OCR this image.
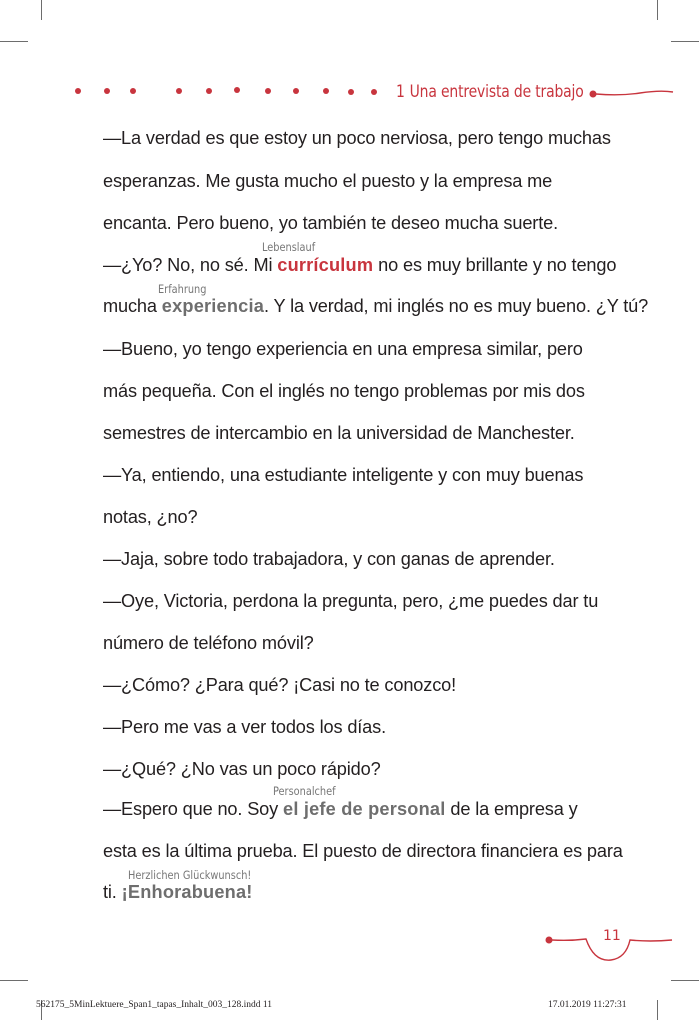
1 Una entrevista de trabajo
—La verdad es que estoy un poco nerviosa, pero tengo muchas
esperanzas. Me gusta mucho el puesto y la empresa me
encanta. Pero bueno, yo también te deseo mucha suerte.
Lebenslauf
—¿Yo? No, no sé. Mi currículum no es muy brillante y no tengo
Erfahrung
mucha experiencia. Y la verdad, mi inglés no es muy bueno. ¿Y tú?
—Bueno, yo tengo experiencia en una empresa similar, pero
más pequeña. Con el inglés no tengo problemas por mis dos
semestres de intercambio en la universidad de Manchester.
—Ya, entiendo, una estudiante inteligente y con muy buenas
notas, ¿no?
—Jaja, sobre todo trabajadora, y con ganas de aprender.
—Oye, Victoria, perdona la pregunta, pero, ¿me puedes dar tu
número de teléfono móvil?
—¿Cómo? ¿Para qué? ¡Casi no te conozco!
—Pero me vas a ver todos los días.
—¿Qué? ¿No vas un poco rápido?
Personalchef
—Espero que no. Soy el jefe de personal de la empresa y
esta es la última prueba. El puesto de directora financiera es para
Herzlichen Glückwunsch!
ti. ¡Enhorabuena!
11
562175_5MinLektuere_Span1_tapas_Inhalt_003_128.indd 11	17.01.2019 11:27:31
